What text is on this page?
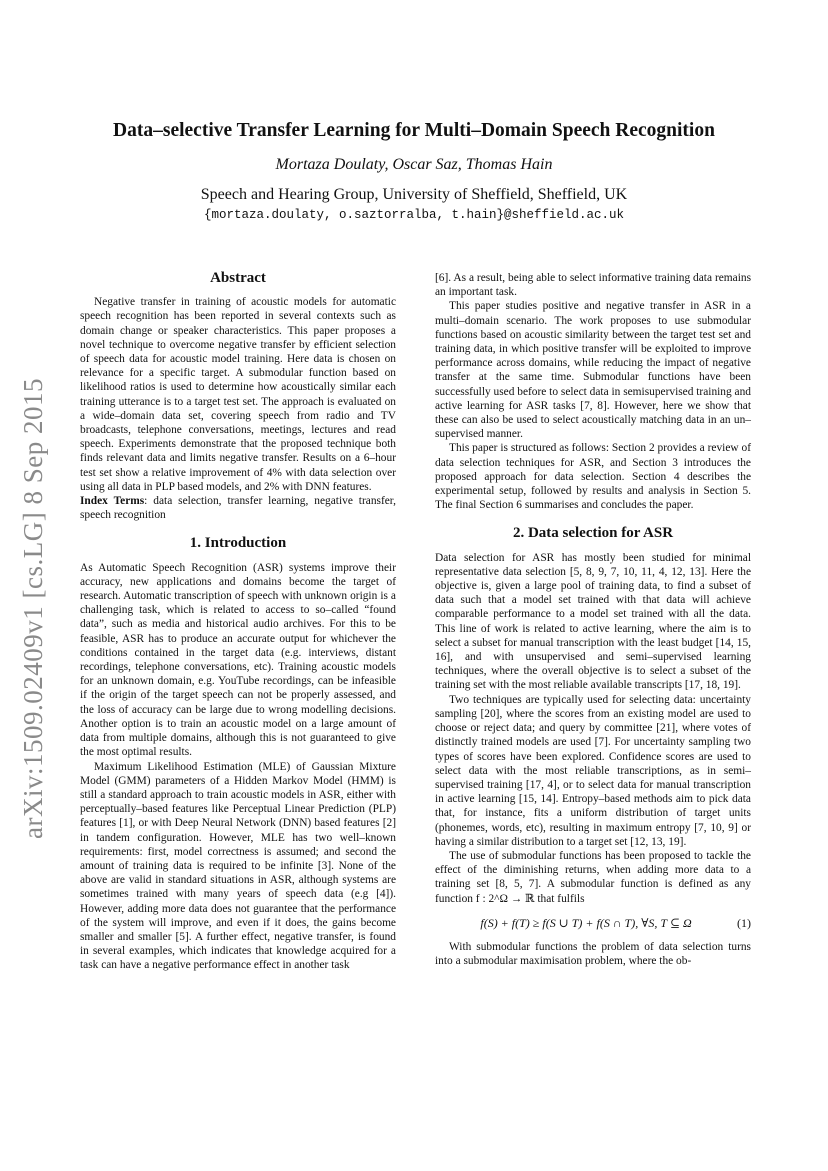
arXiv:1509.02409v1 [cs.LG] 8 Sep 2015
Data–selective Transfer Learning for Multi–Domain Speech Recognition
Mortaza Doulaty, Oscar Saz, Thomas Hain
Speech and Hearing Group, University of Sheffield, Sheffield, UK
{mortaza.doulaty, o.saztorralba, t.hain}@sheffield.ac.uk
Abstract

Negative transfer in training of acoustic models for automatic speech recognition has been reported in several contexts such as domain change or speaker characteristics. This paper proposes a novel technique to overcome negative transfer by efficient selection of speech data for acoustic model training. Here data is chosen on relevance for a specific target. A submodular function based on likelihood ratios is used to determine how acoustically similar each training utterance is to a target test set. The approach is evaluated on a wide–domain data set, covering speech from radio and TV broadcasts, telephone conversations, meetings, lectures and read speech. Experiments demonstrate that the proposed technique both finds relevant data and limits negative transfer. Results on a 6–hour test set show a relative improvement of 4% with data selection over using all data in PLP based models, and 2% with DNN features.

Index Terms: data selection, transfer learning, negative transfer, speech recognition

1. Introduction

As Automatic Speech Recognition (ASR) systems improve their accuracy, new applications and domains become the target of research. Automatic transcription of speech with unknown origin is a challenging task, which is related to access to so–called “found data”, such as media and historical audio archives. For this to be feasible, ASR has to produce an accurate output for whichever the conditions contained in the target data (e.g. interviews, distant recordings, telephone conversations, etc). Training acoustic models for an unknown domain, e.g. YouTube recordings, can be infeasible if the origin of the target speech can not be properly assessed, and the loss of accuracy can be large due to wrong modelling decisions. Another option is to train an acoustic model on a large amount of data from multiple domains, although this is not guaranteed to give the most optimal results.

Maximum Likelihood Estimation (MLE) of Gaussian Mixture Model (GMM) parameters of a Hidden Markov Model (HMM) is still a standard approach to train acoustic models in ASR, either with perceptually–based features like Perceptual Linear Prediction (PLP) features [1], or with Deep Neural Network (DNN) based features [2] in tandem configuration. However, MLE has two well–known requirements: first, model correctness is assumed; and second the amount of training data is required to be infinite [3]. None of the above are valid in standard situations in ASR, although systems are sometimes trained with many years of speech data (e.g [4]). However, adding more data does not guarantee that the performance of the system will improve, and even if it does, the gains become smaller and smaller [5]. A further effect, negative transfer, is found in several examples, which indicates that knowledge acquired for a task can have a negative performance effect in another task

[6]. As a result, being able to select informative training data remains an important task.

This paper studies positive and negative transfer in ASR in a multi–domain scenario. The work proposes to use submodular functions based on acoustic similarity between the target test set and training data, in which positive transfer will be exploited to improve performance across domains, while reducing the impact of negative transfer at the same time. Submodular functions have been successfully used before to select data in semisupervised training and active learning for ASR tasks [7, 8]. However, here we show that these can also be used to select acoustically matching data in an un–supervised manner.

This paper is structured as follows: Section 2 provides a review of data selection techniques for ASR, and Section 3 introduces the proposed approach for data selection. Section 4 describes the experimental setup, followed by results and analysis in Section 5. The final Section 6 summarises and concludes the paper.

2. Data selection for ASR

Data selection for ASR has mostly been studied for minimal representative data selection [5, 8, 9, 7, 10, 11, 4, 12, 13]. Here the objective is, given a large pool of training data, to find a subset of data such that a model set trained with that data will achieve comparable performance to a model set trained with all the data. This line of work is related to active learning, where the aim is to select a subset for manual transcription with the least budget [14, 15, 16], and with unsupervised and semi–supervised learning techniques, where the overall objective is to select a subset of the training set with the most reliable available transcripts [17, 18, 19].

Two techniques are typically used for selecting data: uncertainty sampling [20], where the scores from an existing model are used to choose or reject data; and query by committee [21], where votes of distinctly trained models are used [7]. For uncertainty sampling two types of scores have been explored. Confidence scores are used to select data with the most reliable transcriptions, as in semi–supervised training [17, 4], or to select data for manual transcription in active learning [15, 14]. Entropy–based methods aim to pick data that, for instance, fits a uniform distribution of target units (phonemes, words, etc), resulting in maximum entropy [7, 10, 9] or having a similar distribution to a target set [12, 13, 19].

The use of submodular functions has been proposed to tackle the effect of the diminishing returns, when adding more data to a training set [8, 5, 7]. A submodular function is defined as any function f : 2^Ω → ℝ that fulfils

f(S) + f(T) ≥ f(S ∪ T) + f(S ∩ T), ∀S, T ⊆ Ω	(1)

With submodular functions the problem of data selection turns into a submodular maximisation problem, where the ob-
